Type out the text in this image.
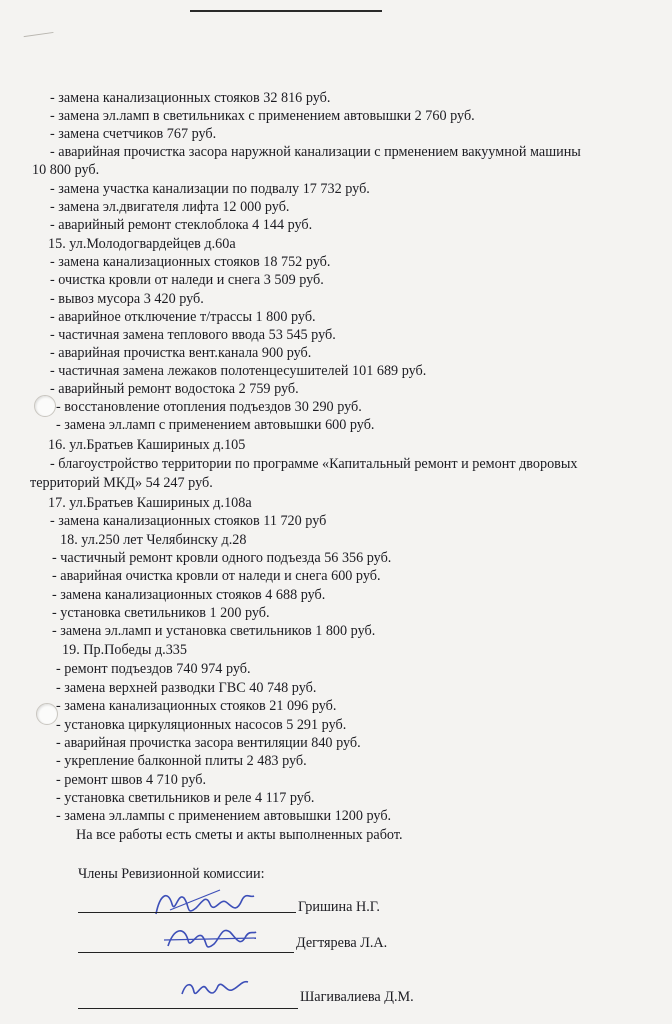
- замена канализационных стояков 32 816 руб.
- замена эл.ламп в светильниках с применением автовышки 2 760 руб.
- замена счетчиков 767 руб.
- аварийная прочистка засора наружной канализации с прменением вакуумной машины
10 800 руб.
- замена участка канализации по подвалу 17 732 руб.
- замена эл.двигателя лифта 12 000 руб.
- аварийный ремонт стеклоблока 4 144 руб.
15. ул.Молодогвардейцев д.60а
- замена канализационных стояков 18 752 руб.
- очистка кровли от наледи и снега 3 509 руб.
- вывоз мусора 3 420 руб.
- аварийное отключение т/трассы 1 800 руб.
- частичная замена теплового ввода 53 545 руб.
- аварийная прочистка вент.канала 900 руб.
- частичная замена лежаков полотенцесушителей 101 689 руб.
- аварийный ремонт водостока 2 759 руб.
- восстановление отопления подъездов 30 290 руб.
- замена эл.ламп с применением автовышки 600 руб.
16. ул.Братьев Кашириных д.105
- благоустройство территории по программе «Капитальный ремонт и ремонт дворовых
территорий МКД» 54 247 руб.
17. ул.Братьев Кашириных д.108а
- замена канализационных стояков 11 720 руб
18. ул.250 лет Челябинску д.28
- частичный ремонт кровли одного подъезда 56 356 руб.
- аварийная очистка кровли от наледи и снега 600 руб.
- замена канализационных стояков 4 688 руб.
- установка светильников 1 200 руб.
- замена эл.ламп и установка светильников 1 800 руб.
19. Пр.Победы д.335
- ремонт подъездов 740 974 руб.
- замена верхней разводки ГВС 40 748 руб.
- замена канализационных стояков 21 096 руб.
- установка циркуляционных насосов 5 291 руб.
- аварийная прочистка засора вентиляции 840 руб.
- укрепление балконной плиты 2 483 руб.
- ремонт швов 4 710 руб.
- установка светильников и реле 4 117 руб.
- замена эл.лампы с применением автовышки 1200 руб.
На все работы есть сметы и акты выполненных работ.
Члены Ревизионной комиссии:
Гришина Н.Г.
Дегтярева Л.А.
Шагивалиева Д.М.
